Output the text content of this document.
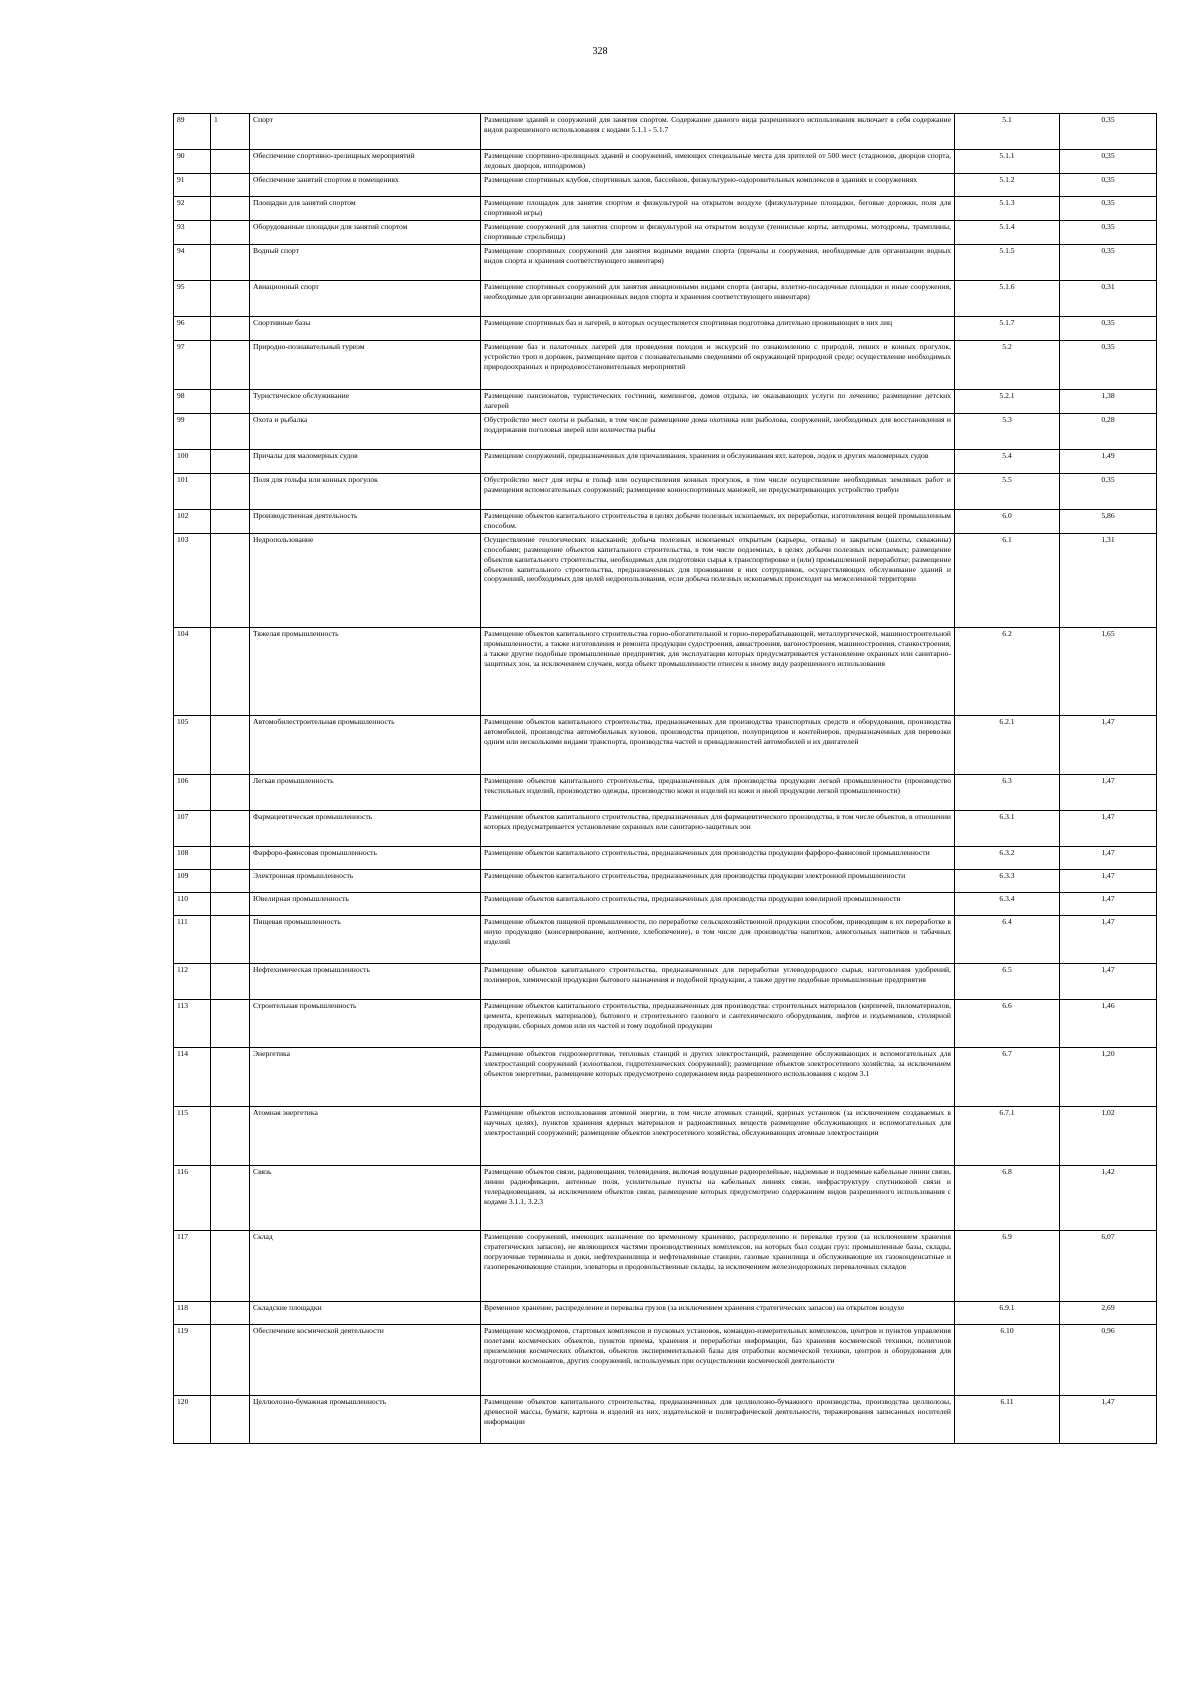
328
89	1	Спорт	Размещение зданий и сооружений для занятия спортом. Содержание данного вида разрешенного использования включает в себя содержание видов разрешенного использования с кодами 5.1.1 - 5.1.7	5.1	0,35
90		Обеспечение спортивно-зрелищных мероприятий	Размещение спортивно-зрелищных зданий и сооружений, имеющих специальные места для зрителей от 500 мест (стадионов, дворцов спорта, ледовых дворцов, ипподромов)	5.1.1	0,35
91		Обеспечение занятий спортом в помещениях	Размещение спортивных клубов, спортивных залов, бассейнов, физкультурно-оздоровительных комплексов в зданиях и сооружениях	5.1.2	0,35
92		Площадки для занятий спортом	Размещение площадок для занятия спортом и физкультурой на открытом воздухе (физкультурные площадки, беговые дорожки, поля для спортивной игры)	5.1.3	0,35
93		Оборудованные площадки для занятий спортом	Размещение сооружений для занятия спортом и физкультурой на открытом воздухе (теннисные корты, автодромы, мотодромы, трамплины, спортивные стрельбища)	5.1.4	0,35
94		Водный спорт	Размещение спортивных сооружений для занятия водными видами спорта (причалы и сооружения, необходимые для организации водных видов спорта и хранения соответствующего инвентаря)	5.1.5	0,35
95		Авиационный спорт	Размещение спортивных сооружений для занятия авиационными видами спорта (ангары, взлетно-посадочные площадки и иные сооружения, необходимые для организации авиационных видов спорта и хранения соответствующего инвентаря)	5.1.6	0,31
96		Спортивные базы	Размещение спортивных баз и лагерей, в которых осуществляется спортивная подготовка длительно проживающих в них лиц	5.1.7	0,35
97		Природно-познавательный туризм	Размещение баз и палаточных лагерей для проведения походов и экскурсий по ознакомлению с природой, пеших и конных прогулок, устройство троп и дорожек, размещение щитов с познавательными сведениями об окружающей природной среде; осуществление необходимых природоохранных и природовосстановительных мероприятий	5.2	0,35
98		Туристическое обслуживание	Размещение пансионатов, туристических гостиниц, кемпингов, домов отдыха, не оказывающих услуги по лечению; размещение детских лагерей	5.2.1	1,38
99		Охота и рыбалка	Обустройство мест охоты и рыбалки, в том числе размещение дома охотника или рыболова, сооружений, необходимых для восстановления и поддержания поголовья зверей или количества рыбы	5.3	0,28
100		Причалы для маломерных судов	Размещение сооружений, предназначенных для причаливания, хранения и обслуживания яхт, катеров, лодок и других маломерных судов	5.4	1,49
101		Поля для гольфа или конных прогулок	Обустройство мест для игры в гольф или осуществления конных прогулок, в том числе осуществление необходимых земляных работ и размещения вспомогательных сооружений; размещение конноспортивных манежей, не предусматривающих устройство трибун	5.5	0,35
102		Производственная деятельность	Размещение объектов капитального строительства в целях добычи полезных ископаемых, их переработки, изготовления вещей промышленным способом.	6.0	5,86
103		Недропользование	Осуществление геологических изысканий; добыча полезных ископаемых открытым (карьеры, отвалы) и закрытым (шахты, скважины) способами; размещение объектов капитального строительства, в том числе подземных, в целях добычи полезных ископаемых; размещение объектов капитального строительства, необходимых для подготовки сырья к транспортировке и (или) промышленной переработке; размещение объектов капитального строительства, предназначенных для проживания в них сотрудников, осуществляющих обслуживание зданий и сооружений, необходимых для целей недропользования, если добыча полезных ископаемых происходит на межселенной территории	6.1	1,31
104		Тяжелая промышленность	Размещение объектов капитального строительства горно-обогатительной и горно-перерабатывающей, металлургической, машиностроительной промышленности, а также изготовления и ремонта продукции судостроения, авиастроения, вагоностроения, машиностроения, станкостроения, а также другие подобные промышленные предприятия, для эксплуатации которых предусматривается установление охранных или санитарно-защитных зон, за исключением случаев, когда объект промышленности отнесен к иному виду разрешенного использования	6.2	1,65
105		Автомобилестроительная промышленность	Размещение объектов капитального строительства, предназначенных для производства транспортных средств и оборудования, производства автомобилей, производства автомобильных кузовов, производства прицепов, полуприцепов и контейнеров, предназначенных для перевозки одним или несколькими видами транспорта, производства частей и принадлежностей автомобилей и их двигателей	6.2.1	1,47
106		Легкая промышленность	Размещение объектов капитального строительства, предназначенных для производства продукции легкой промышленности (производство текстильных изделий, производство одежды, производство кожи и изделий из кожи и иной продукции легкой промышленности)	6.3	1,47
107		Фармацевтическая промышленность	Размещение объектов капитального строительства, предназначенных для фармацевтического производства, в том числе объектов, в отношении которых предусматривается установление охранных или санитарно-защитных зон	6.3.1	1,47
108		Фарфоро-фаянсовая промышленность	Размещение объектов капитального строительства, предназначенных для производства продукции фарфоро-фаянсовой промышленности	6.3.2	1,47
109		Электронная промышленность	Размещение объектов капитального строительства, предназначенных для производства продукции электронной промышленности	6.3.3	1,47
110		Ювелирная промышленность	Размещение объектов капитального строительства, предназначенных для производства продукции ювелирной промышленности	6.3.4	1,47
111		Пищевая промышленность	Размещение объектов пищевой промышленности, по переработке сельскохозяйственной продукции способом, приводящим к их переработке в иную продукцию (консервирование, копчение, хлебопечение), в том числе для производства напитков, алкогольных напитков и табачных изделий	6.4	1,47
112		Нефтехимическая промышленность	Размещение объектов капитального строительства, предназначенных для переработки углеводородного сырья, изготовления удобрений, полимеров, химической продукции бытового назначения и подобной продукции, а также другие подобные промышленные предприятия	6.5	1,47
113		Строительная промышленность	Размещение объектов капитального строительства, предназначенных для производства: строительных материалов (кирпичей, пиломатериалов, цемента, крепежных материалов), бытового и строительного газового и сантехнического оборудования, лифтов и подъемников, столярной продукции, сборных домов или их частей и тому подобной продукции	6.6	1,46
114		Энергетика	Размещение объектов гидроэнергетики, тепловых станций и других электростанций, размещение обслуживающих и вспомогательных для электростанций сооружений (золоотвалов, гидротехнических сооружений); размещение объектов электросетевого хозяйства, за исключением объектов энергетики, размещение которых предусмотрено содержанием вида разрешенного использования с кодом 3.1	6.7	1,20
115		Атомная энергетика	Размещение объектов использования атомной энергии, в том числе атомных станций, ядерных установок (за исключением создаваемых в научных целях), пунктов хранения ядерных материалов и радиоактивных веществ размещение обслуживающих и вспомогательных для электростанций сооружений; размещение объектов электросетевого хозяйства, обслуживающих атомные электростанции	6.7.1	1,02
116		Связь	Размещение объектов связи, радиовещания, телевидения, включая воздушные радиорелейные, надземные и подземные кабельные линии связи, линии радиофикации, антенные поля, усилительные пункты на кабельных линиях связи, инфраструктуру спутниковой связи и телерадиовещания, за исключением объектов связи, размещение которых предусмотрено содержанием видов разрешенного использования с кодами 3.1.1, 3.2.3	6.8	1,42
117		Склад	Размещение сооружений, имеющих назначение по временному хранению, распределению и перевалке грузов (за исключением хранения стратегических запасов), не являющихся частями производственных комплексов, на которых был создан груз: промышленные базы, склады, погрузочные терминалы и доки, нефтехранилища и нефтеналивные станции, газовые хранилища и обслуживающие их газоконденсатные и газоперекачивающие станции, элеваторы и продовольственные склады, за исключением железнодорожных перевалочных складов	6.9	6,07
118		Складские площадки	Временное хранение, распределение и перевалка грузов (за исключением хранения стратегических запасов) на открытом воздухе	6.9.1	2,69
119		Обеспечение космической деятельности	Размещение космодромов, стартовых комплексов и пусковых установок, командно-измерительных комплексов, центров и пунктов управления полетами космических объектов, пунктов приема, хранения и переработки информации, баз хранения космической техники, полигонов приземления космических объектов, объектов экспериментальной базы для отработки космической техники, центров и оборудования для подготовки космонавтов, других сооружений, используемых при осуществлении космической деятельности	6.10	0,96
120		Целлюлозно-бумажная промышленность	Размещение объектов капитального строительства, предназначенных для целлюлозно-бумажного производства, производства целлюлозы, древесной массы, бумаги, картона и изделий из них, издательской и полиграфической деятельности, тиражирования записанных носителей информации	6.11	1,47
